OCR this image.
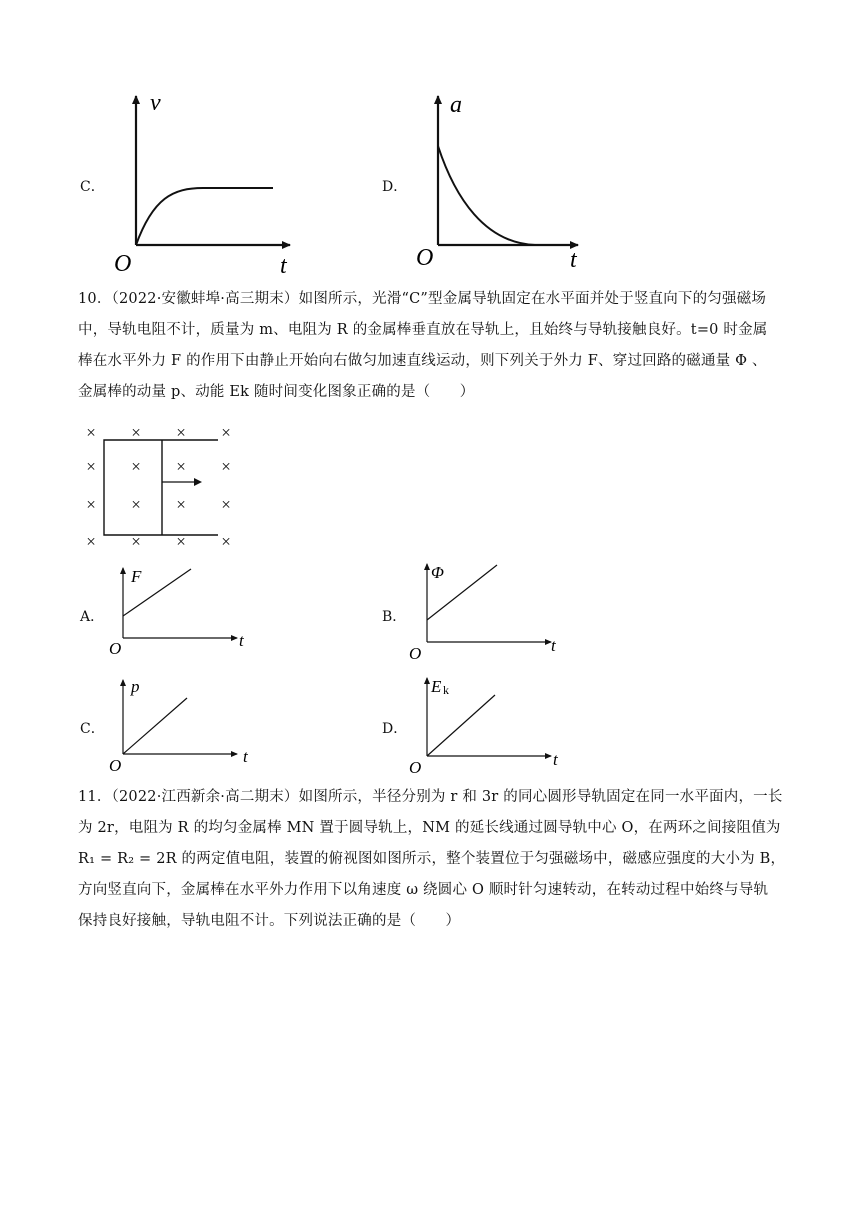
C．
v
O	t
D．
a
O	t
10．（2022·安徽蚌埠·高三期末）如图所示，光滑“C”型金属导轨固定在水平面并处于竖直向下的匀强磁场
中，导轨电阻不计，质量为 m、电阻为 R 的金属棒垂直放在导轨上，且始终与导轨接触良好。t=0 时金属
棒在水平外力 F 的作用下由静止开始向右做匀加速直线运动，则下列关于外力 F、穿过回路的磁通量 Φ 、
金属棒的动量 p、动能 Ek 随时间变化图象正确的是（　　）
× × × ×
× × × ×
× × × ×
× × × ×
A．
F
O	t
B．
Φ
O	t
C．
p
O	t
D．
E k
O	t
11．（2022·江西新余·高二期末）如图所示，半径分别为 r 和 3r 的同心圆形导轨固定在同一水平面内，一长
为 2r，电阻为 R 的均匀金属棒 MN 置于圆导轨上，NM 的延长线通过圆导轨中心 O，在两环之间接阻值为
R₁ = R₂ = 2R 的两定值电阻，装置的俯视图如图所示，整个装置位于匀强磁场中，磁感应强度的大小为 B，
方向竖直向下，金属棒在水平外力作用下以角速度 ω 绕圆心 O 顺时针匀速转动，在转动过程中始终与导轨
保持良好接触，导轨电阻不计。下列说法正确的是（　　）
